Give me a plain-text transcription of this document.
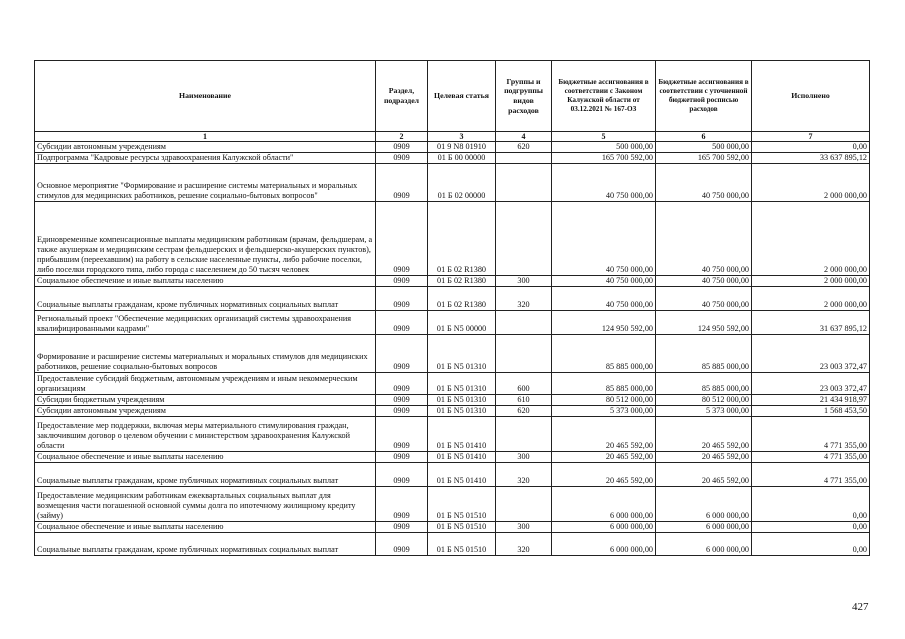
Наименование	Раздел, подраздел	Целевая статья	Группы и подгруппы видов расходов	Бюджетные ассигнования в соответствии с Законом Калужской области от 03.12.2021 № 167-ОЗ	Бюджетные ассигнования в соответствии с уточненной бюджетной росписью расходов	Исполнено
1	2	3	4	5	6	7
Субсидии автономным учреждениям	0909	01 9 N8 01910	620	500 000,00	500 000,00	0,00
Подпрограмма "Кадровые ресурсы здравоохранения Калужской области"	0909	01 Б 00 00000		165 700 592,00	165 700 592,00	33 637 895,12
Основное мероприятие "Формирование и расширение системы материальных и моральных стимулов для медицинских работников, решение социально-бытовых вопросов"	0909	01 Б 02 00000		40 750 000,00	40 750 000,00	2 000 000,00
Единовременные компенсационные выплаты медицинским работникам (врачам, фельдшерам, а также акушеркам и медицинским сестрам фельдшерских и фельдшерско-акушерских пунктов), прибывшим (переехавшим) на работу в сельские населенные пункты, либо рабочие поселки, либо поселки городского типа, либо города с населением до 50 тысяч человек	0909	01 Б 02 R1380		40 750 000,00	40 750 000,00	2 000 000,00
Социальное обеспечение и иные выплаты населению	0909	01 Б 02 R1380	300	40 750 000,00	40 750 000,00	2 000 000,00
Социальные выплаты гражданам, кроме публичных нормативных социальных выплат	0909	01 Б 02 R1380	320	40 750 000,00	40 750 000,00	2 000 000,00
Региональный проект "Обеспечение медицинских организаций системы здравоохранения квалифицированными кадрами"	0909	01 Б N5 00000		124 950 592,00	124 950 592,00	31 637 895,12
Формирование и расширение системы материальных и моральных стимулов для медицинских работников, решение социально-бытовых вопросов	0909	01 Б N5 01310		85 885 000,00	85 885 000,00	23 003 372,47
Предоставление субсидий бюджетным, автономным учреждениям и иным некоммерческим организациям	0909	01 Б N5 01310	600	85 885 000,00	85 885 000,00	23 003 372,47
Субсидии бюджетным учреждениям	0909	01 Б N5 01310	610	80 512 000,00	80 512 000,00	21 434 918,97
Субсидии автономным учреждениям	0909	01 Б N5 01310	620	5 373 000,00	5 373 000,00	1 568 453,50
Предоставление мер поддержки, включая меры материального стимулирования граждан, заключившим договор о целевом обучении с министерством здравоохранения Калужской области	0909	01 Б N5 01410		20 465 592,00	20 465 592,00	4 771 355,00
Социальное обеспечение и иные выплаты населению	0909	01 Б N5 01410	300	20 465 592,00	20 465 592,00	4 771 355,00
Социальные выплаты гражданам, кроме публичных нормативных социальных выплат	0909	01 Б N5 01410	320	20 465 592,00	20 465 592,00	4 771 355,00
Предоставление медицинским работникам ежеквартальных социальных выплат для возмещения части погашенной основной суммы долга по ипотечному жилищному кредиту (займу)	0909	01 Б N5 01510		6 000 000,00	6 000 000,00	0,00
Социальное обеспечение и иные выплаты населению	0909	01 Б N5 01510	300	6 000 000,00	6 000 000,00	0,00
Социальные выплаты гражданам, кроме публичных нормативных социальных выплат	0909	01 Б N5 01510	320	6 000 000,00	6 000 000,00	0,00
427
